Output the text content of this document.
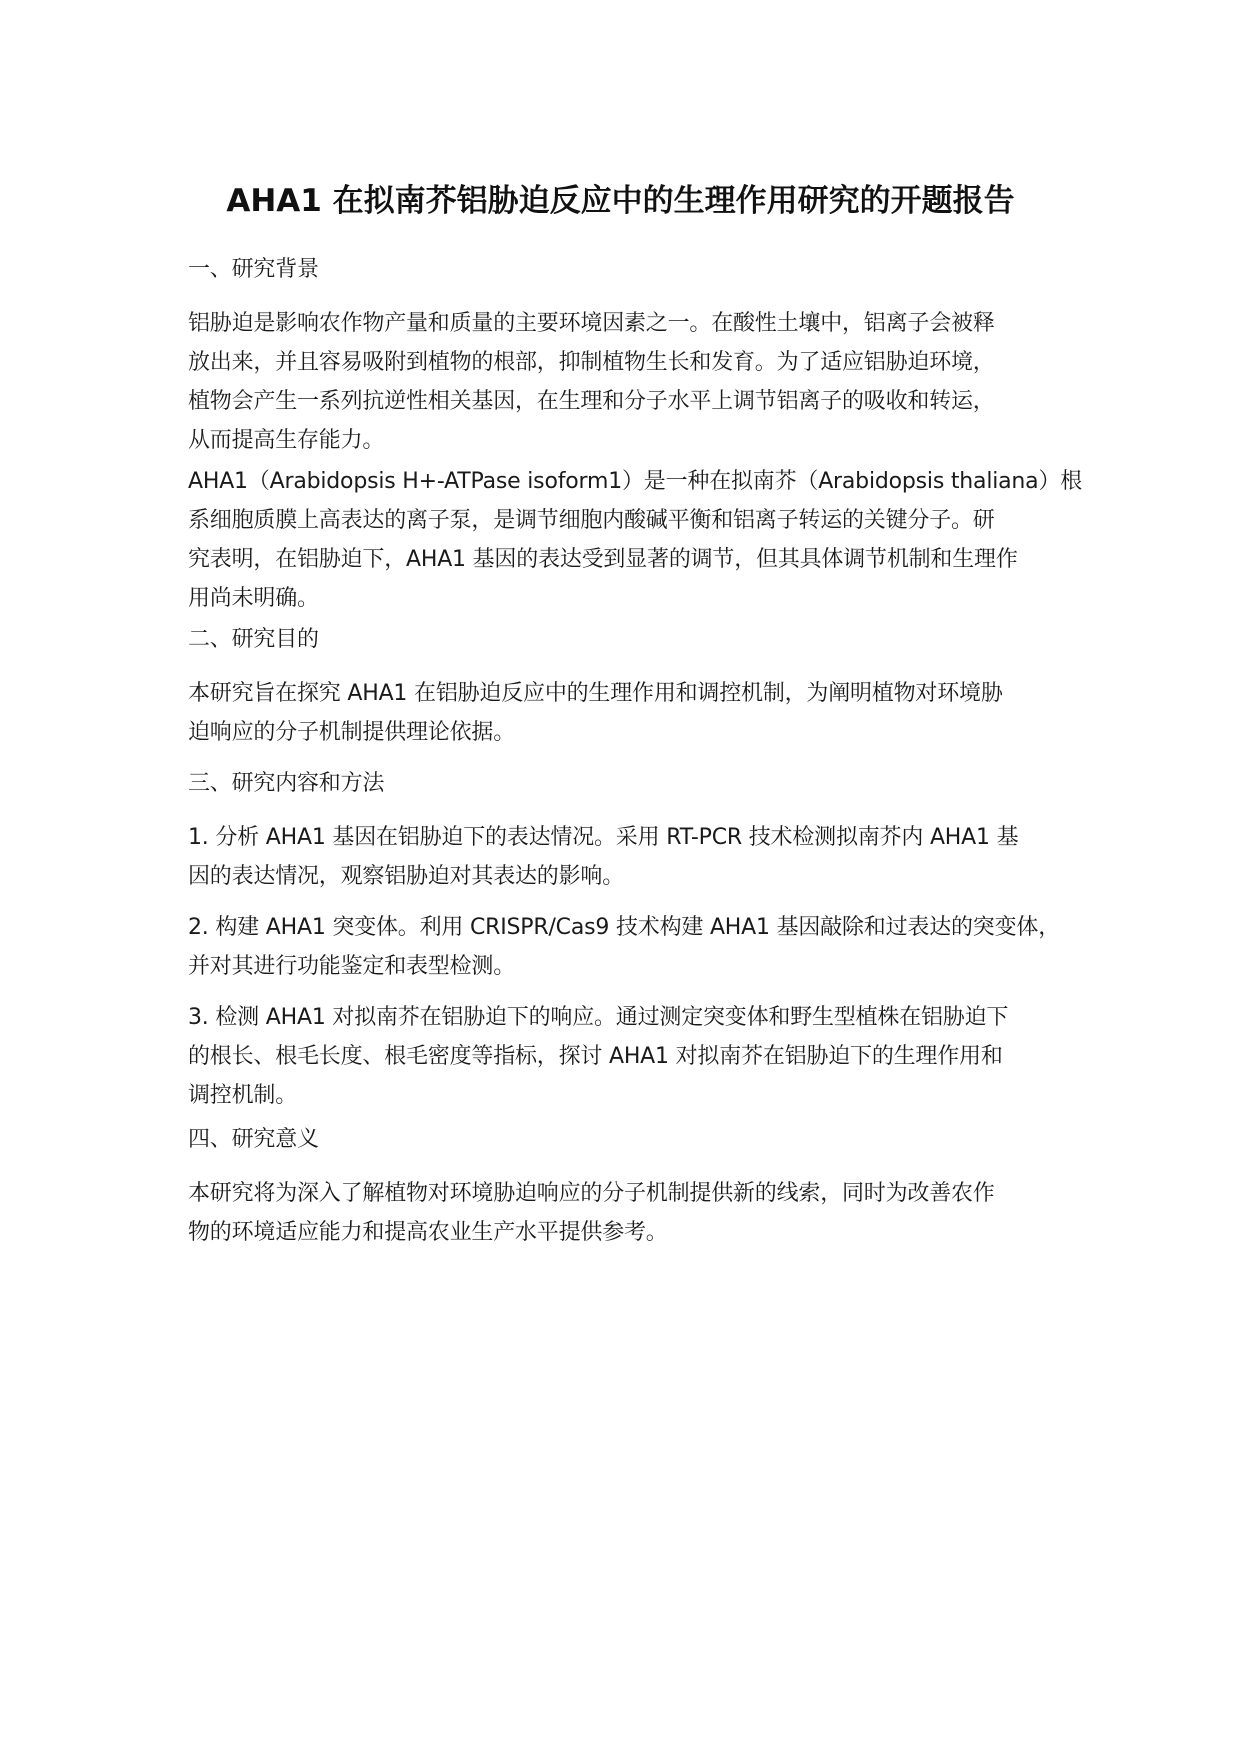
AHA1 在拟南芥铝胁迫反应中的生理作用研究的开题报告
一、研究背景
铝胁迫是影响农作物产量和质量的主要环境因素之一。在酸性土壤中，铝离子会被释
放出来，并且容易吸附到植物的根部，抑制植物生长和发育。为了适应铝胁迫环境，
植物会产生一系列抗逆性相关基因，在生理和分子水平上调节铝离子的吸收和转运，
从而提高生存能力。
AHA1（Arabidopsis H+-ATPase isoform1）是一种在拟南芥（Arabidopsis thaliana）根
系细胞质膜上高表达的离子泵，是调节细胞内酸碱平衡和铝离子转运的关键分子。研
究表明，在铝胁迫下，AHA1 基因的表达受到显著的调节，但其具体调节机制和生理作
用尚未明确。
二、研究目的
本研究旨在探究 AHA1 在铝胁迫反应中的生理作用和调控机制，为阐明植物对环境胁
迫响应的分子机制提供理论依据。
三、研究内容和方法
1. 分析 AHA1 基因在铝胁迫下的表达情况。采用 RT-PCR 技术检测拟南芥内 AHA1 基
因的表达情况，观察铝胁迫对其表达的影响。
2. 构建 AHA1 突变体。利用 CRISPR/Cas9 技术构建 AHA1 基因敲除和过表达的突变体，
并对其进行功能鉴定和表型检测。
3. 检测 AHA1 对拟南芥在铝胁迫下的响应。通过测定突变体和野生型植株在铝胁迫下
的根长、根毛长度、根毛密度等指标，探讨 AHA1 对拟南芥在铝胁迫下的生理作用和
调控机制。
四、研究意义
本研究将为深入了解植物对环境胁迫响应的分子机制提供新的线索，同时为改善农作
物的环境适应能力和提高农业生产水平提供参考。
